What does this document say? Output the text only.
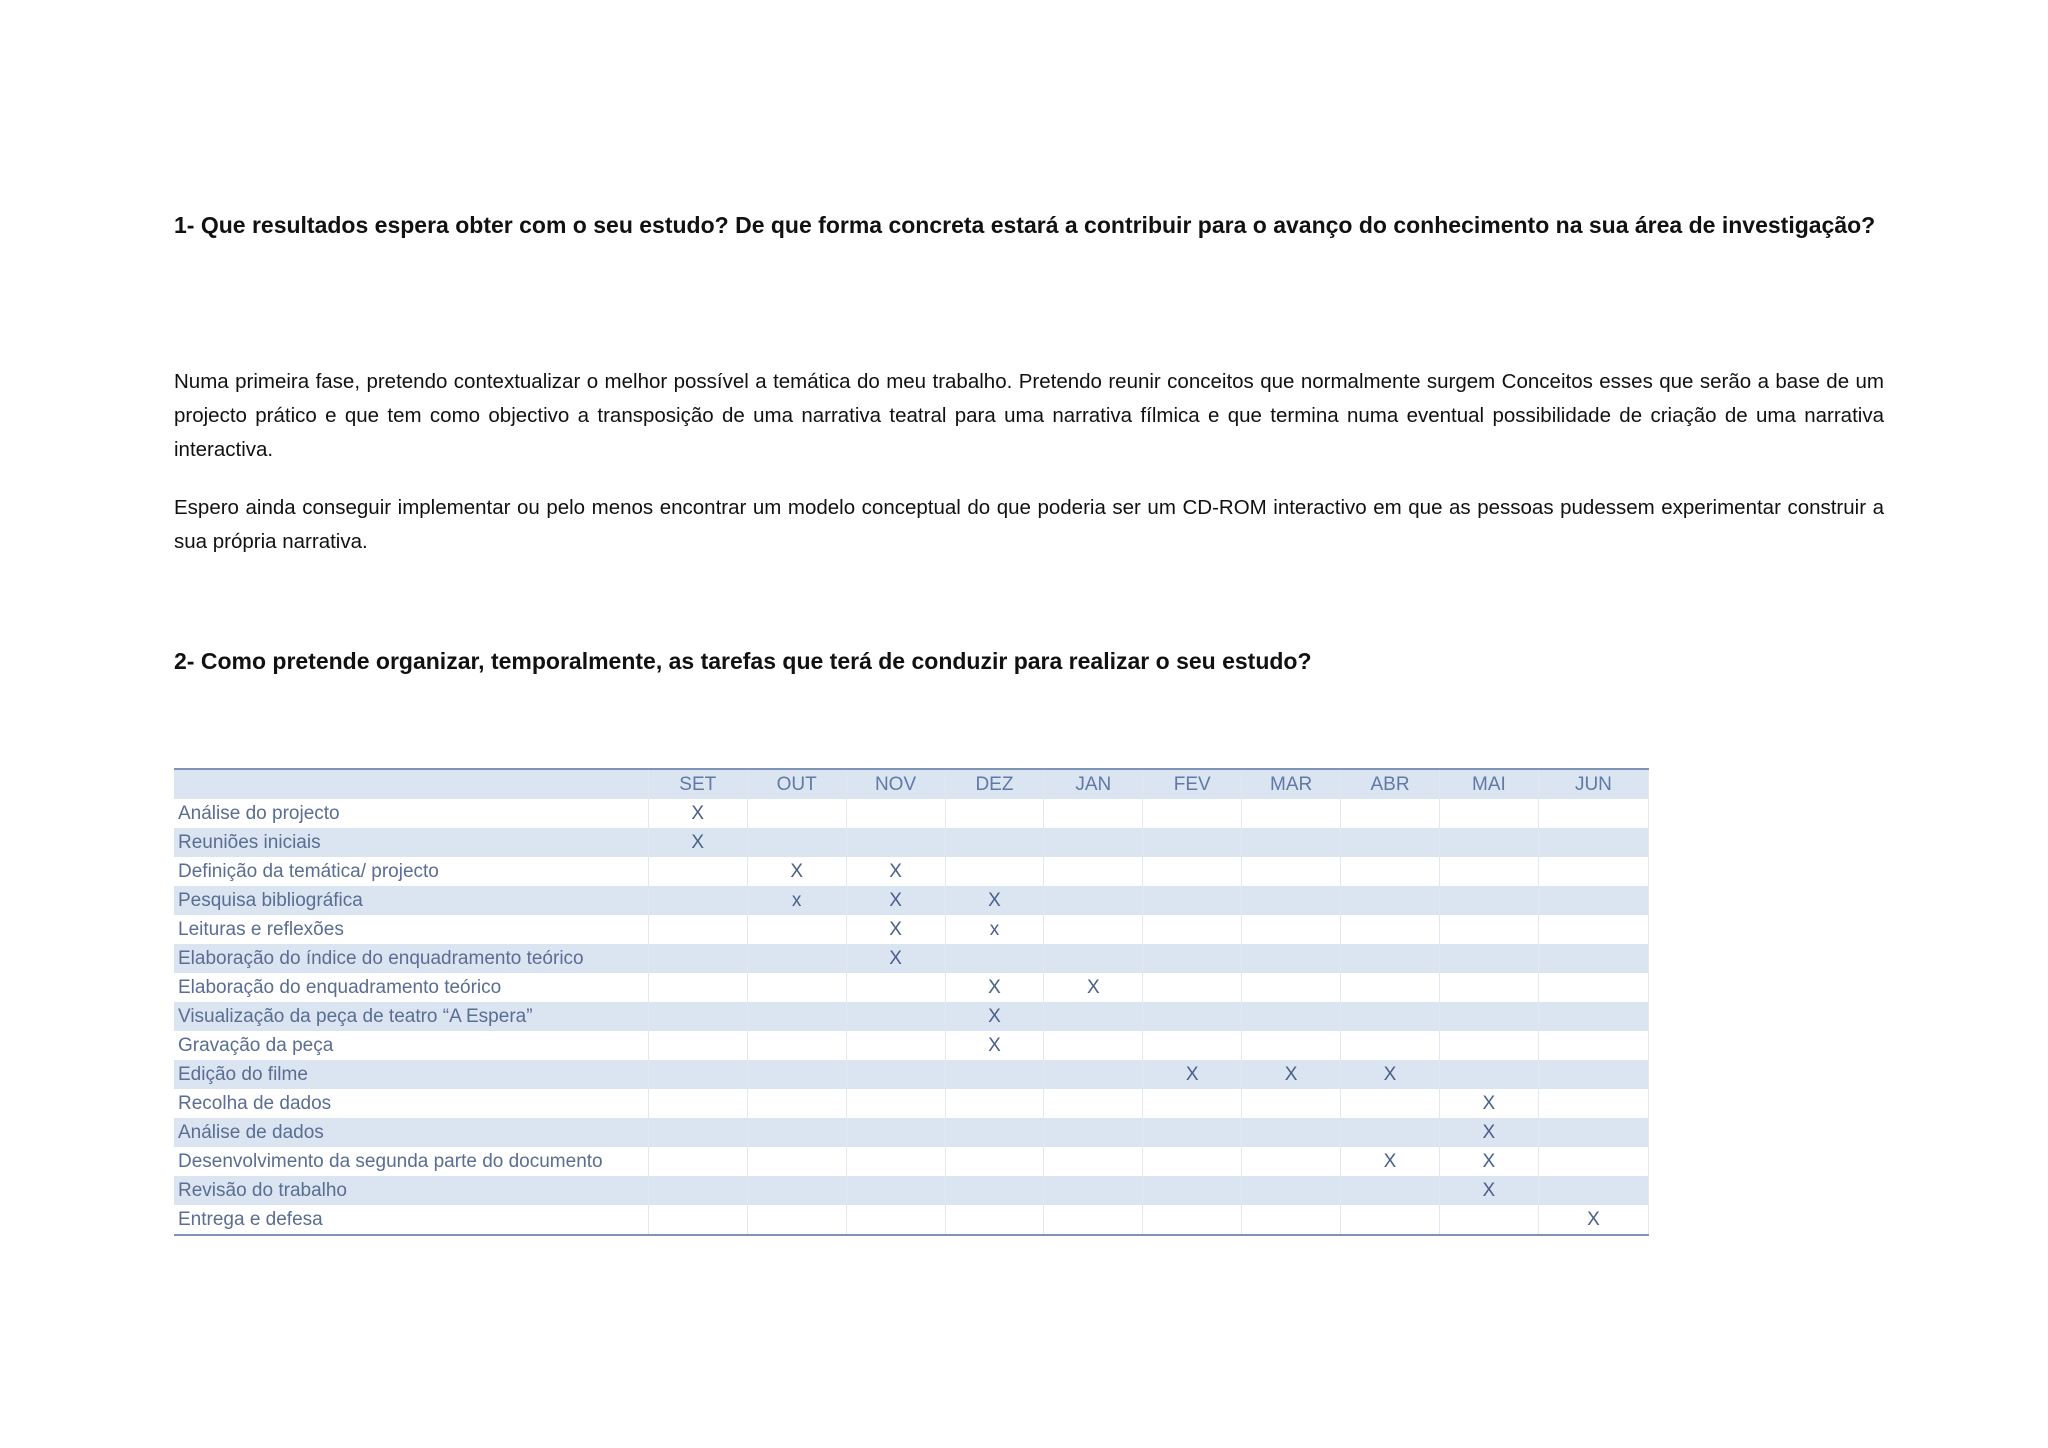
1- Que resultados espera obter com o seu estudo? De que forma concreta estará a contribuir para o avanço do conhecimento na sua área de investigação?

Numa primeira fase, pretendo contextualizar o melhor possível a temática do meu trabalho. Pretendo reunir conceitos que normalmente surgem Conceitos esses que serão a base de um projecto prático e que tem como objectivo a transposição de uma narrativa teatral para uma narrativa fílmica e que termina numa eventual possibilidade de criação de uma narrativa interactiva.

Espero ainda conseguir implementar ou pelo menos encontrar um modelo conceptual do que poderia ser um CD-ROM interactivo em que as pessoas pudessem experimentar construir a sua própria narrativa.

2- Como pretende organizar, temporalmente, as tarefas que terá de conduzir para realizar o seu estudo?

	SET	OUT	NOV	DEZ	JAN	FEV	MAR	ABR	MAI	JUN
Análise do projecto	X									
Reuniões iniciais	X									
Definição da temática/ projecto		X	X							
Pesquisa bibliográfica		x	X	X						
Leituras e reflexões			X	x						
Elaboração do índice do enquadramento teórico			X							
Elaboração do enquadramento teórico				X	X					
Visualização da peça de teatro “A Espera”				X						
Gravação da peça				X						
Edição do filme						X	X	X		
Recolha de dados									X	
Análise de dados									X	
Desenvolvimento da segunda parte do documento								X	X	
Revisão do trabalho									X	
Entrega e defesa										X
